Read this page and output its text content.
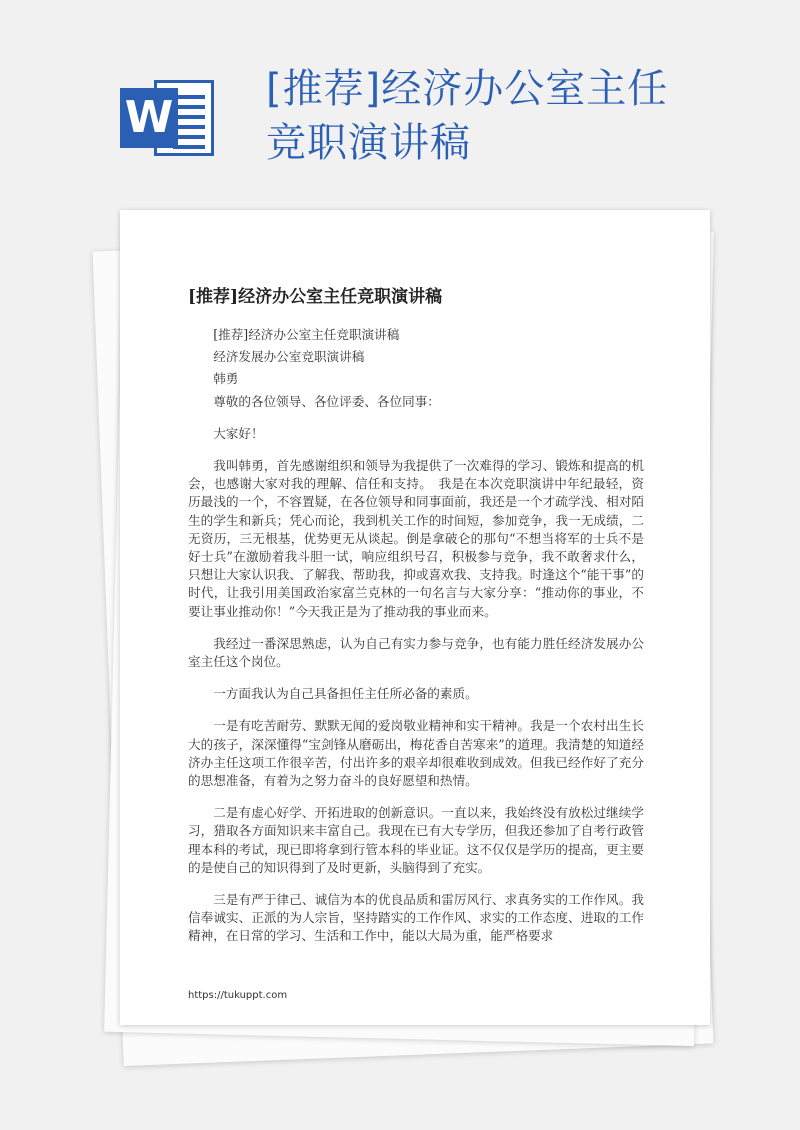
W
[推荐]经济办公室主任竞职演讲稿
[推荐]经济办公室主任竞职演讲稿

[推荐]经济办公室主任竞职演讲稿

经济发展办公室竞职演讲稿

韩勇

尊敬的各位领导、各位评委、各位同事：

大家好！

我叫韩勇，首先感谢组织和领导为我提供了一次难得的学习、锻炼和提高的机会，也感谢大家对我的理解、信任和支持。　我是在本次竞职演讲中年纪最轻，资历最浅的一个，不容置疑，在各位领导和同事面前，我还是一个才疏学浅、相对陌生的学生和新兵；凭心而论，我到机关工作的时间短，参加竞争，我一无成绩，二无资历，三无根基，优势更无从谈起。倒是拿破仑的那句“不想当将军的士兵不是好士兵”在激励着我斗胆一试，响应组织号召，积极参与竞争，我不敢奢求什么，只想让大家认识我、了解我、帮助我，抑或喜欢我、支持我。时逢这个“能干事”的时代，让我引用美国政治家富兰克林的一句名言与大家分享：“推动你的事业，不要让事业推动你！”今天我正是为了推动我的事业而来。

我经过一番深思熟虑，认为自己有实力参与竞争，也有能力胜任经济发展办公室主任这个岗位。

一方面我认为自己具备担任主任所必备的素质。

一是有吃苦耐劳、默默无闻的爱岗敬业精神和实干精神。我是一个农村出生长大的孩子，深深懂得“宝剑锋从磨砺出，梅花香自苦寒来”的道理。我清楚的知道经济办主任这项工作很辛苦，付出许多的艰辛却很难收到成效。但我已经作好了充分的思想准备，有着为之努力奋斗的良好愿望和热情。

二是有虚心好学、开拓进取的创新意识。一直以来，我始终没有放松过继续学习，猎取各方面知识来丰富自己。我现在已有大专学历，但我还参加了自考行政管理本科的考试，现已即将拿到行管本科的毕业证。这不仅仅是学历的提高，更主要的是使自己的知识得到了及时更新，头脑得到了充实。

三是有严于律己、诚信为本的优良品质和雷厉风行、求真务实的工作作风。我信奉诚实、正派的为人宗旨，坚持踏实的工作作风、求实的工作态度、进取的工作精神，在日常的学习、生活和工作中，能以大局为重，能严格要求

https://tukuppt.com
